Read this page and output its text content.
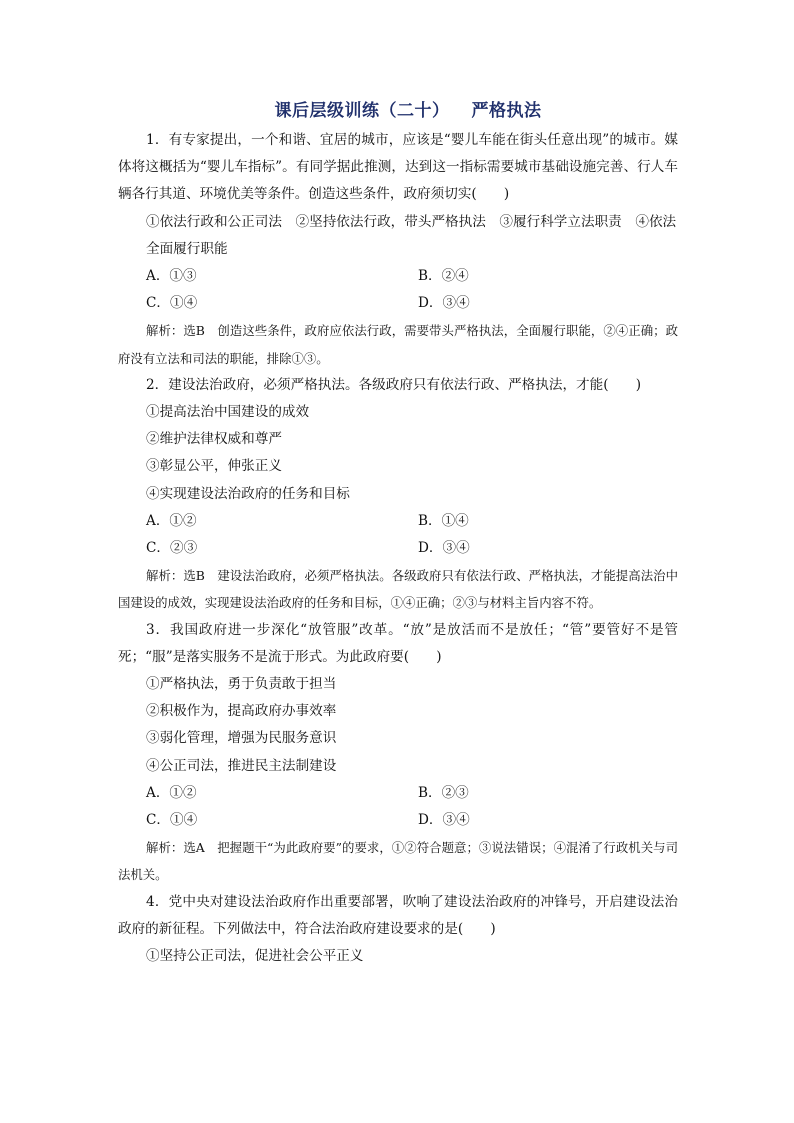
课后层级训练（二十） 严格执法

1．有专家提出，一个和谐、宜居的城市，应该是“婴儿车能在街头任意出现”的城市。媒体将这概括为“婴儿车指标”。有同学据此推测，达到这一指标需要城市基础设施完善、行人车辆各行其道、环境优美等条件。创造这些条件，政府须切实(　　)

①依法行政和公正司法　②坚持依法行政，带头严格执法　③履行科学立法职责　④依法全面履行职能

A．①③	B．②④
C．①④	D．③④

解析：选B　创造这些条件，政府应依法行政，需要带头严格执法，全面履行职能，②④正确；政府没有立法和司法的职能，排除①③。

2．建设法治政府，必须严格执法。各级政府只有依法行政、严格执法，才能(　　)

①提高法治中国建设的成效

②维护法律权威和尊严

③彰显公平，伸张正义

④实现建设法治政府的任务和目标

A．①②	B．①④
C．②③	D．③④

解析：选B　建设法治政府，必须严格执法。各级政府只有依法行政、严格执法，才能提高法治中国建设的成效，实现建设法治政府的任务和目标，①④正确；②③与材料主旨内容不符。

3．我国政府进一步深化“放管服”改革。“放”是放活而不是放任；“管”要管好不是管死；“服”是落实服务不是流于形式。为此政府要(　　)

①严格执法，勇于负责敢于担当

②积极作为，提高政府办事效率

③弱化管理，增强为民服务意识

④公正司法，推进民主法制建设

A．①②	B．②③
C．①④	D．③④

解析：选A　把握题干“为此政府要”的要求，①②符合题意；③说法错误；④混淆了行政机关与司法机关。

4．党中央对建设法治政府作出重要部署，吹响了建设法治政府的冲锋号，开启建设法治政府的新征程。下列做法中，符合法治政府建设要求的是(　　)

①坚持公正司法，促进社会公平正义
